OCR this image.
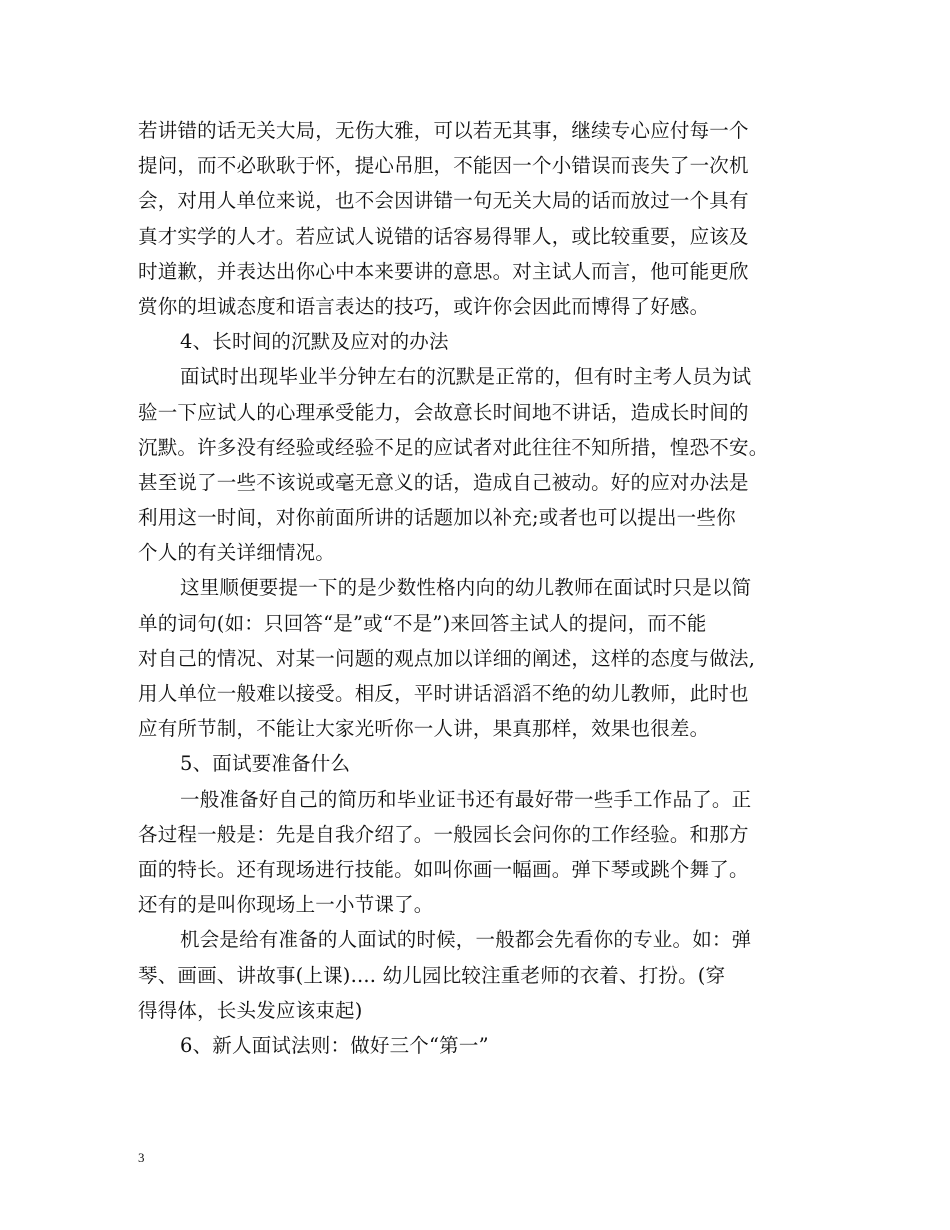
若讲错的话无关大局，无伤大雅，可以若无其事，继续专心应付每一个
提问，而不必耿耿于怀，提心吊胆，不能因一个小错误而丧失了一次机
会，对用人单位来说，也不会因讲错一句无关大局的话而放过一个具有
真才实学的人才。若应试人说错的话容易得罪人，或比较重要，应该及
时道歉，并表达出你心中本来要讲的意思。对主试人而言，他可能更欣
赏你的坦诚态度和语言表达的技巧，或许你会因此而博得了好感。
4、长时间的沉默及应对的办法
面试时出现毕业半分钟左右的沉默是正常的，但有时主考人员为试
验一下应试人的心理承受能力，会故意长时间地不讲话，造成长时间的
沉默。许多没有经验或经验不足的应试者对此往往不知所措，惶恐不安。
甚至说了一些不该说或毫无意义的话，造成自己被动。好的应对办法是
利用这一时间，对你前面所讲的话题加以补充;或者也可以提出一些你
个人的有关详细情况。
这里顺便要提一下的是少数性格内向的幼儿教师在面试时只是以简
单的词句(如：只回答“是”或“不是”)来回答主试人的提问，而不能
对自己的情况、对某一问题的观点加以详细的阐述，这样的态度与做法,
用人单位一般难以接受。相反，平时讲话滔滔不绝的幼儿教师，此时也
应有所节制，不能让大家光听你一人讲，果真那样，效果也很差。
5、面试要准备什么
一般准备好自己的简历和毕业证书还有最好带一些手工作品了。正
各过程一般是：先是自我介绍了。一般园长会问你的工作经验。和那方
面的特长。还有现场进行技能。如叫你画一幅画。弹下琴或跳个舞了。
还有的是叫你现场上一小节课了。
机会是给有准备的人面试的时候，一般都会先看你的专业。如：弹
琴、画画、讲故事(上课).... 幼儿园比较注重老师的衣着、打扮。(穿
得得体，长头发应该束起)
6、新人面试法则：做好三个“第一”
3
